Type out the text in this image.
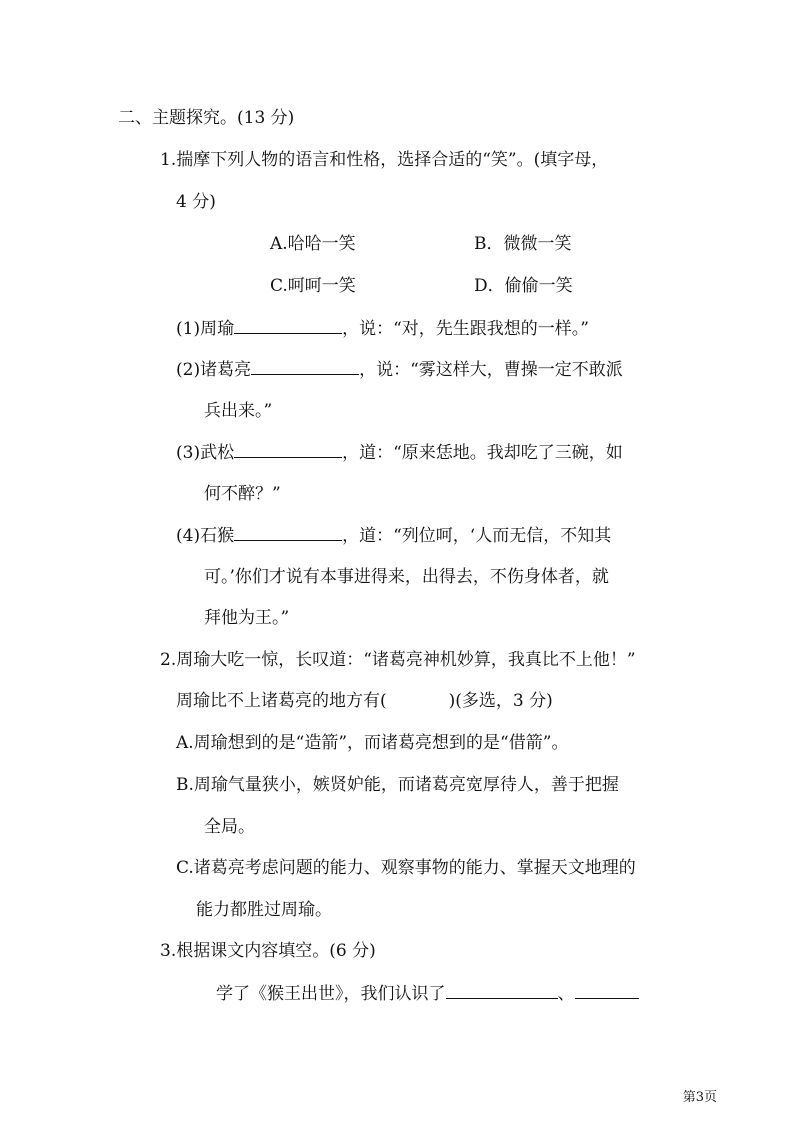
二、主题探究。(13 分)
1.揣摩下列人物的语言和性格，选择合适的“笑”。(填字母，
4 分)
A.哈哈一笑	B．微微一笑
C.呵呵一笑	D．偷偷一笑
(1)周瑜	，说：“对，先生跟我想的一样。”
(2)诸葛亮	，说：“雾这样大，曹操一定不敢派
兵出来。”
(3)武松	，道：“原来恁地。我却吃了三碗，如
何不醉？”
(4)石猴	，道：“列位呵，‘人而无信，不知其
可。’你们才说有本事进得来，出得去，不伤身体者，就
拜他为王。”
2.周瑜大吃一惊，长叹道：“诸葛亮神机妙算，我真比不上他！”
周瑜比不上诸葛亮的地方有(	)(多选，3 分)
A.周瑜想到的是“造箭”，而诸葛亮想到的是“借箭”。
B.周瑜气量狭小，嫉贤妒能，而诸葛亮宽厚待人，善于把握
全局。
C.诸葛亮考虑问题的能力、观察事物的能力、掌握天文地理的
能力都胜过周瑜。
3.根据课文内容填空。(6 分)
学了《猴王出世》，我们认识了	、
第3页
